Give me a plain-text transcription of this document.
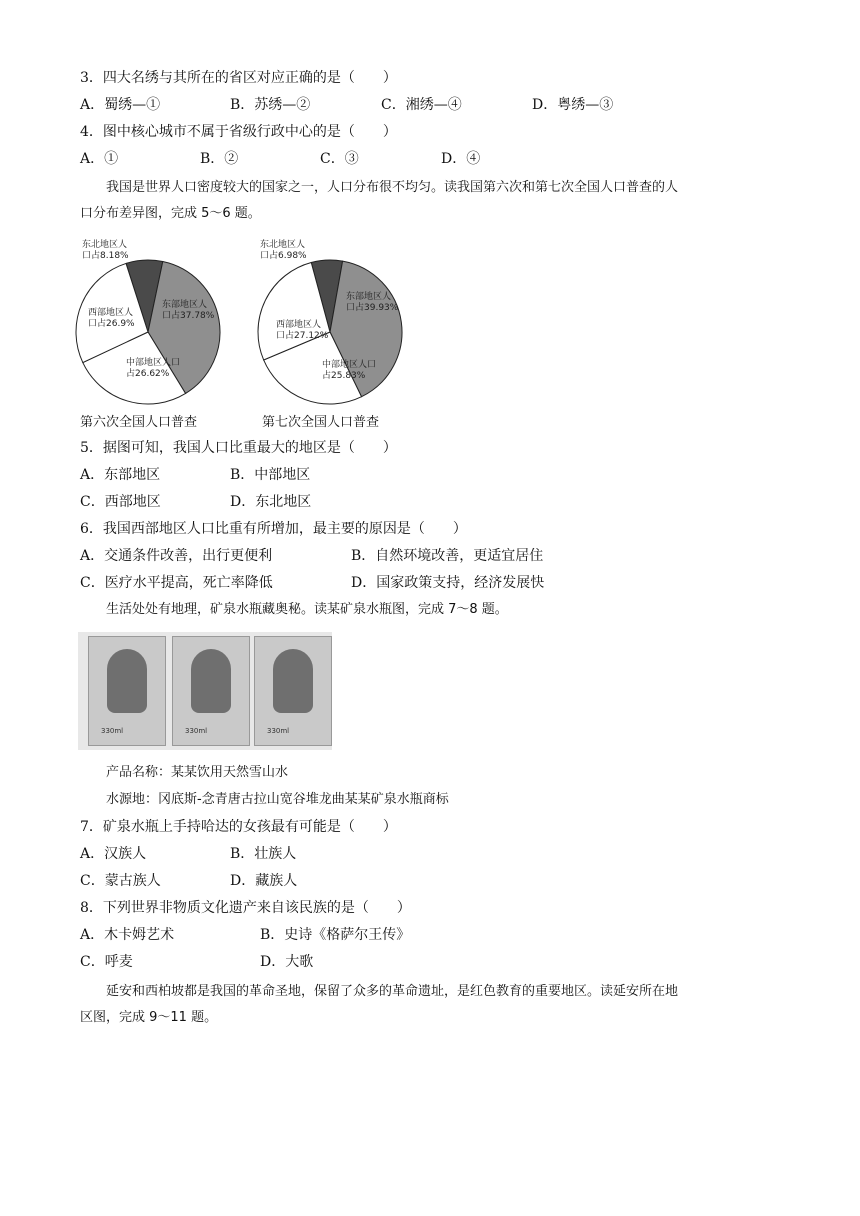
3．四大名绣与其所在的省区对应正确的是（　　）
A．蜀绣—①	B．苏绣—②	C．湘绣—④	D．粤绣—③
4．图中核心城市不属于省级行政中心的是（　　）
A．①	B．②	C．③	D．④
我国是世界人口密度较大的国家之一，人口分布很不均匀。读我国第六次和第七次全国人口普查的人
口分布差异图，完成 5～6 题。
东北地区人
口占8.18%
东部地区人
口占37.78%
西部地区人
口占26.9%
中部地区人口
占26.62%
东北地区人
口占6.98%
东部地区人
口占39.93%
西部地区人
口占27.12%
中部地区人口
占25.83%
第六次全国人口普查	第七次全国人口普查
5．据图可知，我国人口比重最大的地区是（　　）
A．东部地区	B．中部地区
C．西部地区	D．东北地区
6．我国西部地区人口比重有所增加，最主要的原因是（　　）
A．交通条件改善，出行更便利	B．自然环境改善，更适宜居住
C．医疗水平提高，死亡率降低	D．国家政策支持，经济发展快
生活处处有地理，矿泉水瓶藏奥秘。读某矿泉水瓶图，完成 7～8 题。
330ml	330ml	330ml
产品名称：某某饮用天然雪山水
水源地：冈底斯-念青唐古拉山宽谷堆龙曲某某矿泉水瓶商标
7．矿泉水瓶上手持哈达的女孩最有可能是（　　）
A．汉族人	B．壮族人
C．蒙古族人	D．藏族人
8．下列世界非物质文化遗产来自该民族的是（　　）
A．木卡姆艺术	B．史诗《格萨尔王传》
C．呼麦	D．大歌
延安和西柏坡都是我国的革命圣地，保留了众多的革命遗址，是红色教育的重要地区。读延安所在地
区图，完成 9～11 题。
